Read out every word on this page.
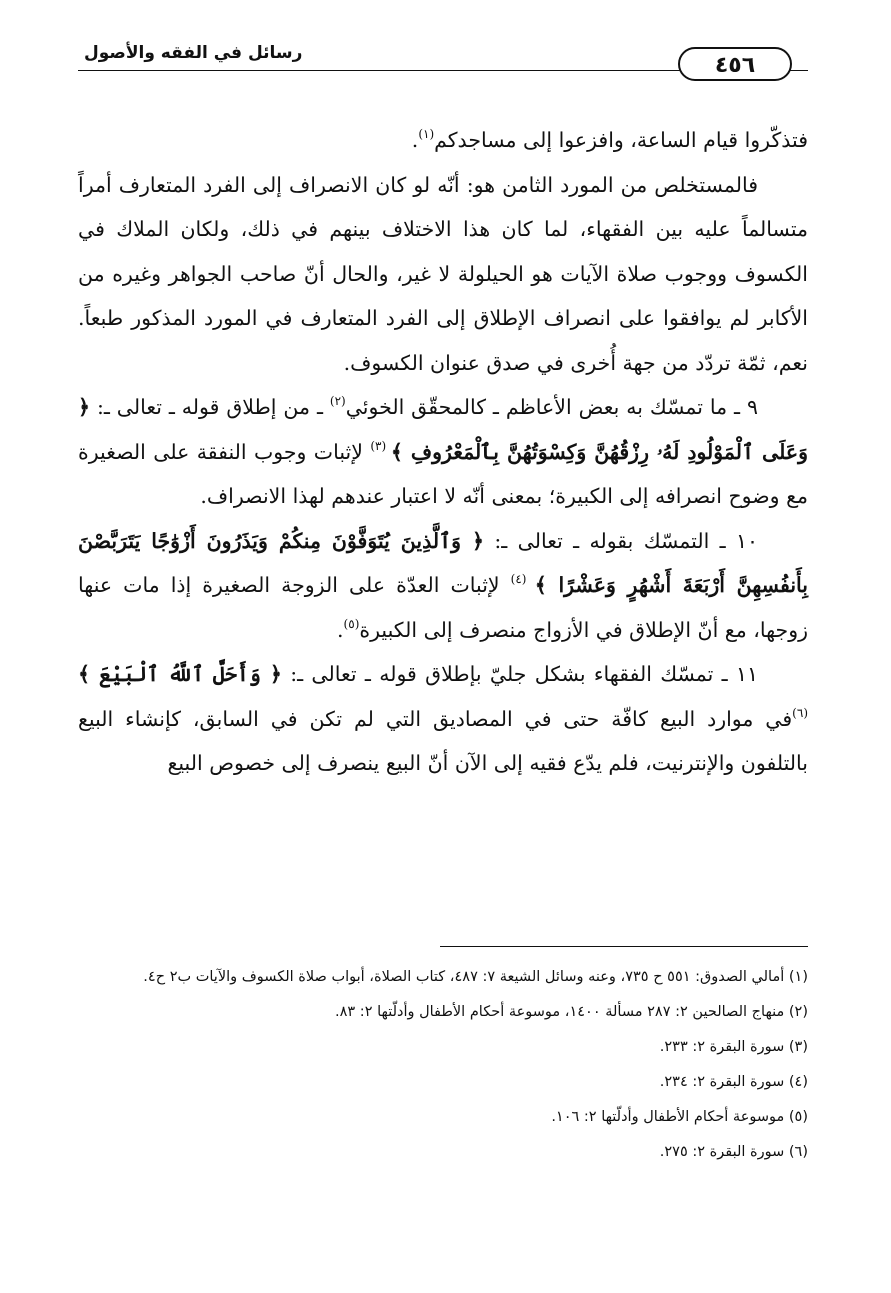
رسائل في الفقه والأصول	٤٥٦

فتذكّروا قيام الساعة، وافزعوا إلى مساجدكم$^{(١)}$.

فالمستخلص من المورد الثامن هو: أنّه لو كان الانصراف إلى الفرد المتعارف أمراً متسالماً عليه بين الفقهاء، لما كان هذا الاختلاف بينهم في ذلك، ولكان الملاك في الكسوف ووجوب صلاة الآيات هو الحيلولة لا غير، والحال أنّ صاحب الجواهر وغيره من الأكابر لم يوافقوا على انصراف الإطلاق إلى الفرد المتعارف في المورد المذكور طبعاً. نعم، ثمّة تردّد من جهة أُخرى في صدق عنوان الكسوف.

٩ ـ ما تمسّك به بعض الأعاظم ـ كالمحقّق الخوئي$^{(٢)}$ ـ من إطلاق قوله ـ تعالى ـ: ﴿ وَعَلَى ٱلْمَوْلُودِ لَهُۥ رِزْقُهُنَّ وَكِسْوَتُهُنَّ بِٱلْمَعْرُوفِ ﴾ $^{(٣)}$ لإثبات وجوب النفقة على الصغيرة مع وضوح انصرافه إلى الكبيرة؛ بمعنى أنّه لا اعتبار عندهم لهذا الانصراف.

١٠ ـ التمسّك بقوله ـ تعالى ـ: ﴿ وَٱلَّذِينَ يُتَوَفَّوْنَ مِنكُمْ وَيَذَرُونَ أَزْوَٰجًا يَتَرَبَّصْنَ بِأَنفُسِهِنَّ أَرْبَعَةَ أَشْهُرٍ وَعَشْرًا ﴾ $^{(٤)}$ لإثبات العدّة على الزوجة الصغيرة إذا مات عنها زوجها، مع أنّ الإطلاق في الأزواج منصرف إلى الكبيرة$^{(٥)}$.

١١ ـ تمسّك الفقهاء بشكل جليّ بإطلاق قوله ـ تعالى ـ: ﴿ وَأَحَلَّ ٱللَّهُ ٱلْبَيْعَ ﴾ $^{(٦)}$في موارد البيع كافّة حتى في المصاديق التي لم تكن في السابق، كإنشاء البيع بالتلفون والإنترنيت، فلم يدّع فقيه إلى الآن أنّ البيع ينصرف إلى خصوص البيع

(١) أمالي الصدوق: ٥٥١ ح ٧٣٥، وعنه وسائل الشيعة ٧: ٤٨٧، كتاب الصلاة، أبواب صلاة الكسوف والآيات ب٢ ح٤.

(٢) منهاج الصالحين ٢: ٢٨٧ مسألة ١٤٠٠، موسوعة أحكام الأطفال وأدلّتها ٢: ٨٣.

(٣) سورة البقرة ٢: ٢٣٣.

(٤) سورة البقرة ٢: ٢٣٤.

(٥) موسوعة أحكام الأطفال وأدلّتها ٢: ١٠٦.

(٦) سورة البقرة ٢: ٢٧٥.
